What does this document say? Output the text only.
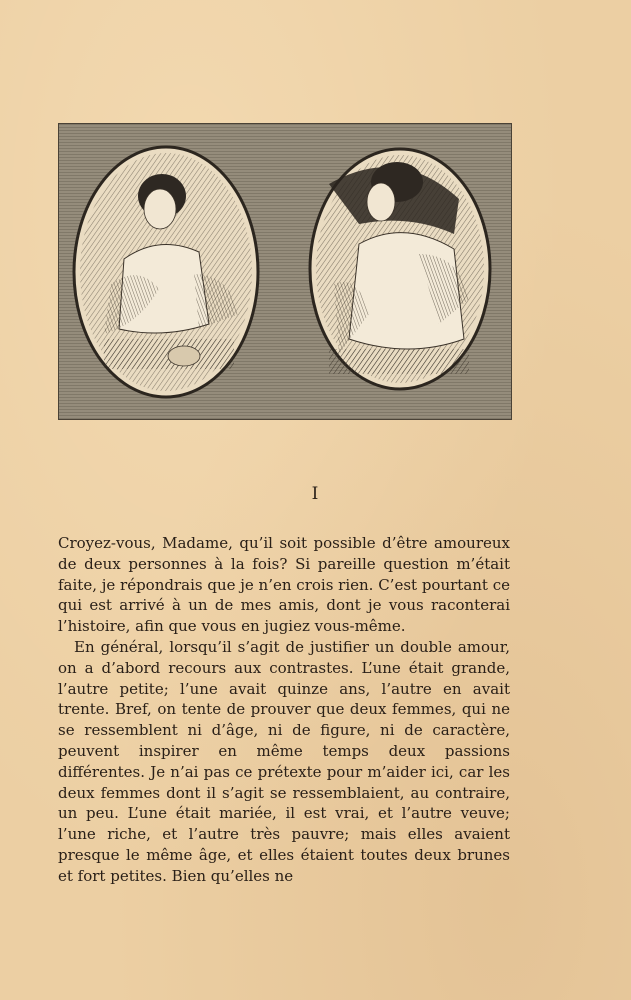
I

Croyez-vous, Madame, qu’il soit possible d’être amoureux de deux personnes à la fois? Si pareille question m’était faite, je répondrais que je n’en crois rien. C’est pourtant ce qui est arrivé à un de mes amis, dont je vous raconterai l’histoire, afin que vous en jugiez vous-même.

En général, lorsqu’il s’agit de justifier un double amour, on a d’abord recours aux contrastes. L’une était grande, l’autre petite; l’une avait quinze ans, l’autre en avait trente. Bref, on tente de prouver que deux femmes, qui ne se ressemblent ni d’âge, ni de figure, ni de caractère, peuvent inspirer en même temps deux passions différentes. Je n’ai pas ce prétexte pour m’aider ici, car les deux femmes dont il s’agit se ressemblaient, au contraire, un peu. L’une était mariée, il est vrai, et l’autre veuve; l’une riche, et l’autre très pauvre; mais elles avaient presque le même âge, et elles étaient toutes deux brunes et fort petites. Bien qu’elles ne
